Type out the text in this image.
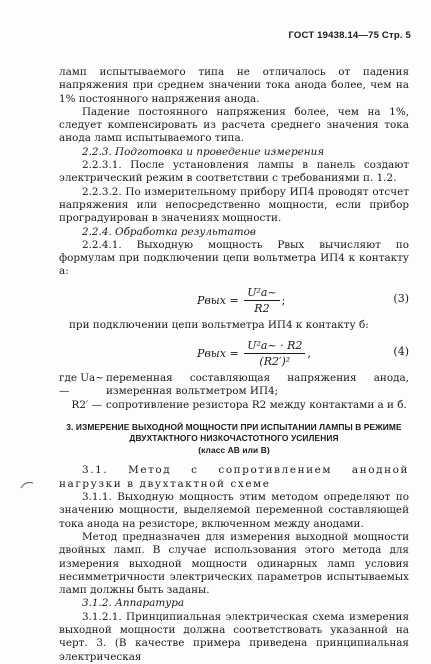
ГОСТ 19438.14—75 Стр. 5

ламп испытываемого типа не отличалось от падения напряжения при среднем значении тока анода более, чем на 1% постоянного напряжения анода.

Падение постоянного напряжения более, чем на 1%, следует компенсировать из расчета среднего значения тока анода ламп испытываемого типа.

2.2.3. Подготовка и проведение измерения

2.2.3.1. После установления лампы в панель создают электрический режим в соответствии с требованиями п. 1.2.

2.2.3.2. По измерительному прибору ИП4 проводят отсчет напряжения или непосредственно мощности, если прибор проградуирован в значениях мощности.

2.2.4. Обработка результатов

2.2.4.1. Выходную мощность Pвых вычисляют по формулам при подключении цепи вольтметра ИП4 к контакту а:

Pвых = $\frac{\text{U²a\textasciitilde{}}}{R2}$ ;	(3)

при подключении цепи вольтметра ИП4 к контакту б:

Pвых = $\frac{\text{U²a\textasciitilde{} · R2}}{\text{(R2′)²}}$ ,	(4)
где Ua~ —
переменная составляющая напряжения анода, измеренная вольтметром ИП4;
R2′ — сопротивление резистора R2 между контактами а и б.
3. ИЗМЕРЕНИЕ ВЫХОДНОЙ МОЩНОСТИ ПРИ ИСПЫТАНИИ ЛАМПЫ В РЕЖИМЕ ДВУХТАКТНОГО НИЗКОЧАСТОТНОГО УСИЛЕНИЯ
(класс АВ или В)

3.1. Метод с сопротивлением анодной нагрузки в двухтактной схеме

3.1.1. Выходную мощность этим методом определяют по значению мощности, выделяемой переменной составляющей тока анода на резисторе, включенном между анодами.

Метод предназначен для измерения выходной мощности двойных ламп. В случае использования этого метода для измерения выходной мощности одинарных ламп условия несимметричности электрических параметров испытываемых ламп должны быть заданы.

3.1.2. Аппаратура

3.1.2.1. Принципиальная электрическая схема измерения выходной мощности должна соответствовать указанной на черт. 3. (В качестве примера приведена принципиальная электрическая
